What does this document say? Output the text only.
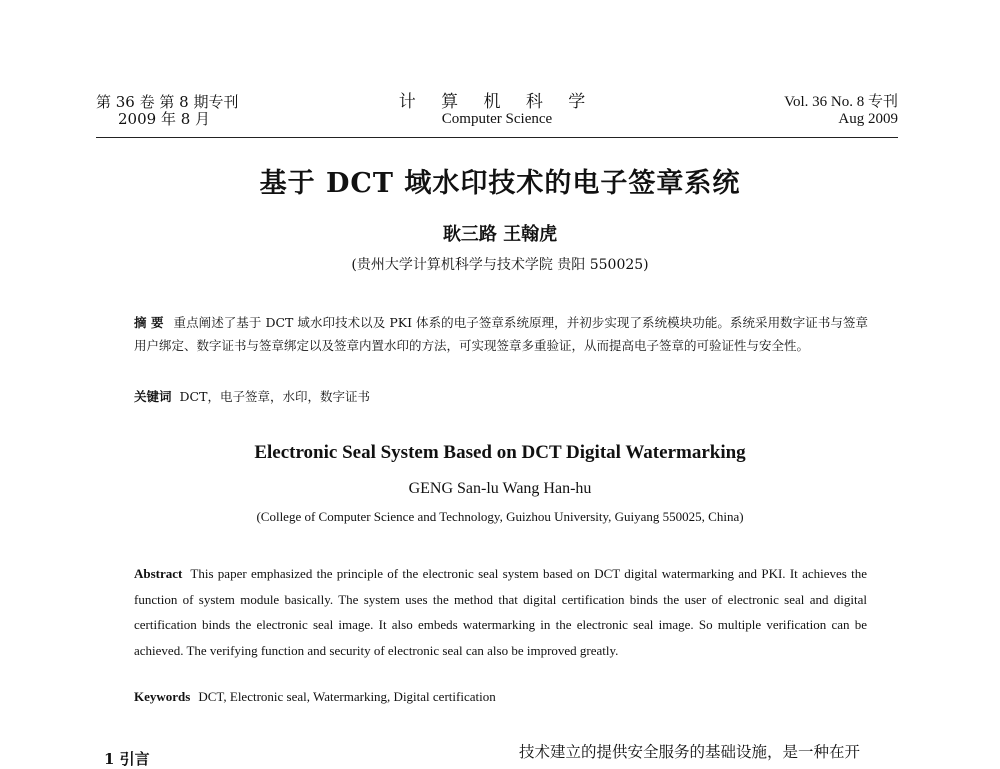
第 36 卷 第 8 期专刊
2009 年 8 月
计 算 机 科 学
Computer Science
Vol. 36 No. 8 专刊
Aug 2009
基于 DCT 域水印技术的电子签章系统
耿三路 王翰虎
(贵州大学计算机科学与技术学院 贵阳 550025)
摘 要 重点阐述了基于 DCT 域水印技术以及 PKI 体系的电子签章系统原理，并初步实现了系统模块功能。系统采用数字证书与签章用户绑定、数字证书与签章绑定以及签章内置水印的方法，可实现签章多重验证，从而提高电子签章的可验证性与安全性。
关键词 DCT，电子签章，水印，数字证书
Electronic Seal System Based on DCT Digital Watermarking
GENG San-lu Wang Han-hu
(College of Computer Science and Technology, Guizhou University, Guiyang 550025, China)
Abstract This paper emphasized the principle of the electronic seal system based on DCT digital watermarking and PKI. It achieves the function of system module basically. The system uses the method that digital certification binds the user of electronic seal and digital certification binds the electronic seal image. It also embeds watermarking in the electronic seal image. So multiple verification can be achieved. The verifying function and security of electronic seal can also be improved greatly.
Keywords DCT, Electronic seal, Watermarking, Digital certification
1 引言	技术建立的提供安全服务的基础设施，是一种在开
